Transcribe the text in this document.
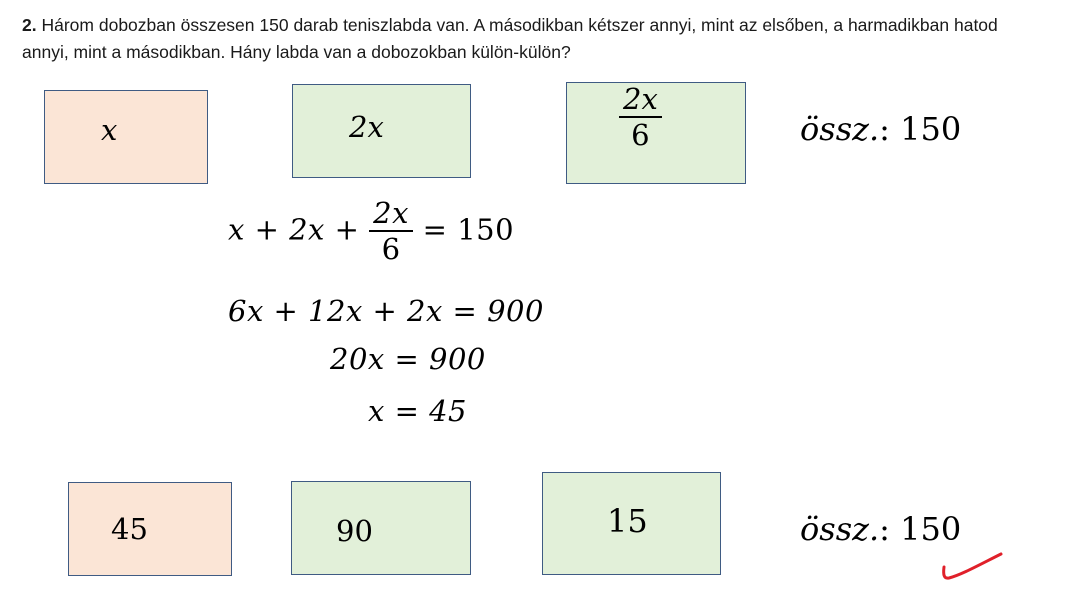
2. Három dobozban összesen 150 darab teniszlabda van. A másodikban kétszer annyi, mint az elsőben, a harmadikban hatod annyi, mint a másodikban. Hány labda van a dobozokban külön-külön?
x	2x	$\frac{2x}{6}$	össz.: 150
$x + 2x + \frac{2x}{6} = 150$
6x + 12x + 2x = 900
20x = 900
x = 45
45	90	15	össz.: 150
